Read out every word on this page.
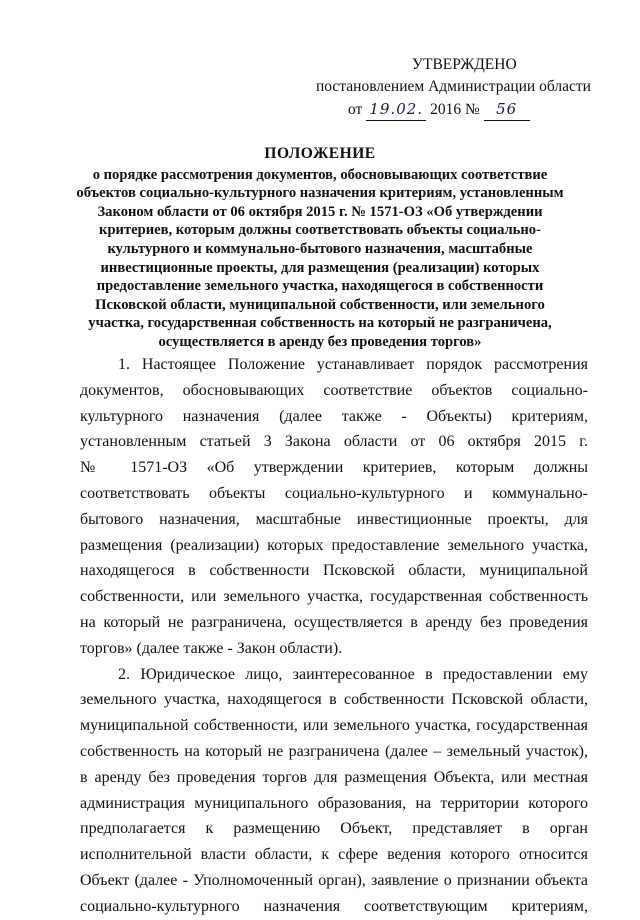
УТВЕРЖДЕНО
постановлением Администрации области
от 19.02. 2016 № 56
ПОЛОЖЕНИЕ
о порядке рассмотрения документов, обосновывающих соответствие
объектов социально-культурного назначения критериям, установленным
Законом области от 06 октября 2015 г. № 1571-ОЗ «Об утверждении
критериев, которым должны соответствовать объекты социально-
культурного и коммунально-бытового назначения, масштабные
инвестиционные проекты, для размещения (реализации) которых
предоставление земельного участка, находящегося в собственности
Псковской области, муниципальной собственности, или земельного
участка, государственная собственность на который не разграничена,
осуществляется в аренду без проведения торгов»
1. Настоящее Положение устанавливает порядок рассмотрения
документов, обосновывающих соответствие объектов социально-
культурного назначения (далее также - Объекты) критериям,
установленным статьей 3 Закона области от 06 октября 2015 г.
№ 1571-ОЗ «Об утверждении критериев, которым должны
соответствовать объекты социально-культурного и коммунально-
бытового назначения, масштабные инвестиционные проекты, для
размещения (реализации) которых предоставление земельного участка,
находящегося в собственности Псковской области, муниципальной
собственности, или земельного участка, государственная собственность
на который не разграничена, осуществляется в аренду без проведения
торгов» (далее также - Закон области).
2. Юридическое лицо, заинтересованное в предоставлении ему
земельного участка, находящегося в собственности Псковской области,
муниципальной собственности, или земельного участка, государственная
собственность на который не разграничена (далее – земельный участок),
в аренду без проведения торгов для размещения Объекта, или местная
администрация муниципального образования, на территории которого
предполагается к размещению Объект, представляет в орган
исполнительной власти области, к сфере ведения которого относится
Объект (далее - Уполномоченный орган), заявление о признании объекта
социально-культурного назначения соответствующим критериям,
